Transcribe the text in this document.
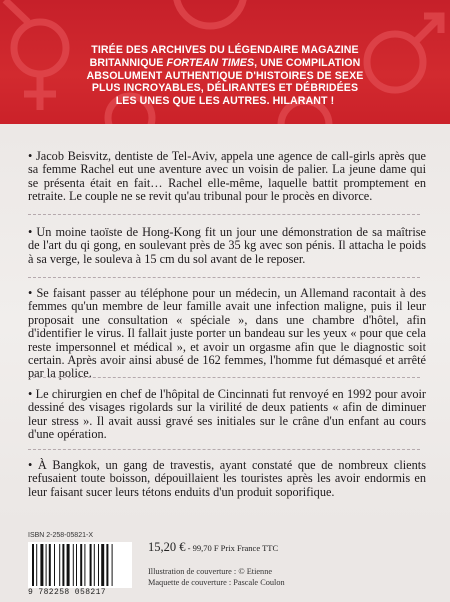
TIRÉE DES ARCHIVES DU LÉGENDAIRE MAGAZINE
BRITANNIQUE FORTEAN TIMES, UNE COMPILATION
ABSOLUMENT AUTHENTIQUE D'HISTOIRES DE SEXE
PLUS INCROYABLES, DÉLIRANTES ET DÉBRIDÉES
LES UNES QUE LES AUTRES. HILARANT !
• Jacob Beisvitz, dentiste de Tel-Aviv, appela une agence de call-girls après que sa femme Rachel eut une aventure avec un voisin de palier. La jeune dame qui se présenta était en fait… Rachel elle-même, laquelle battit promptement en retraite. Le couple ne se revit qu'au tribunal pour le procès en divorce.
• Un moine taoïste de Hong-Kong fit un jour une démonstration de sa maîtrise de l'art du qi gong, en soulevant près de 35 kg avec son pénis. Il attacha le poids à sa verge, le souleva à 15 cm du sol avant de le reposer.
• Se faisant passer au téléphone pour un médecin, un Allemand racontait à des femmes qu'un membre de leur famille avait une infection maligne, puis il leur proposait une consultation « spéciale », dans une chambre d'hôtel, afin d'identifier le virus. Il fallait juste porter un bandeau sur les yeux « pour que cela reste impersonnel et médical », et avoir un orgasme afin que le diagnostic soit certain. Après avoir ainsi abusé de 162 femmes, l'homme fut démasqué et arrêté par la police.
• Le chirurgien en chef de l'hôpital de Cincinnati fut renvoyé en 1992 pour avoir dessiné des visages rigolards sur la virilité de deux patients « afin de diminuer leur stress ». Il avait aussi gravé ses initiales sur le crâne d'un enfant au cours d'une opération.
• À Bangkok, un gang de travestis, ayant constaté que de nombreux clients refusaient toute boisson, dépouillaient les touristes après les avoir endormis en leur faisant sucer leurs tétons enduits d'un produit soporifique.
ISBN 2-258-05821-X
9 782258 058217
15,20 € - 99,70 F Prix France TTC
Illustration de couverture : © Etienne
Maquette de couverture : Pascale Coulon
